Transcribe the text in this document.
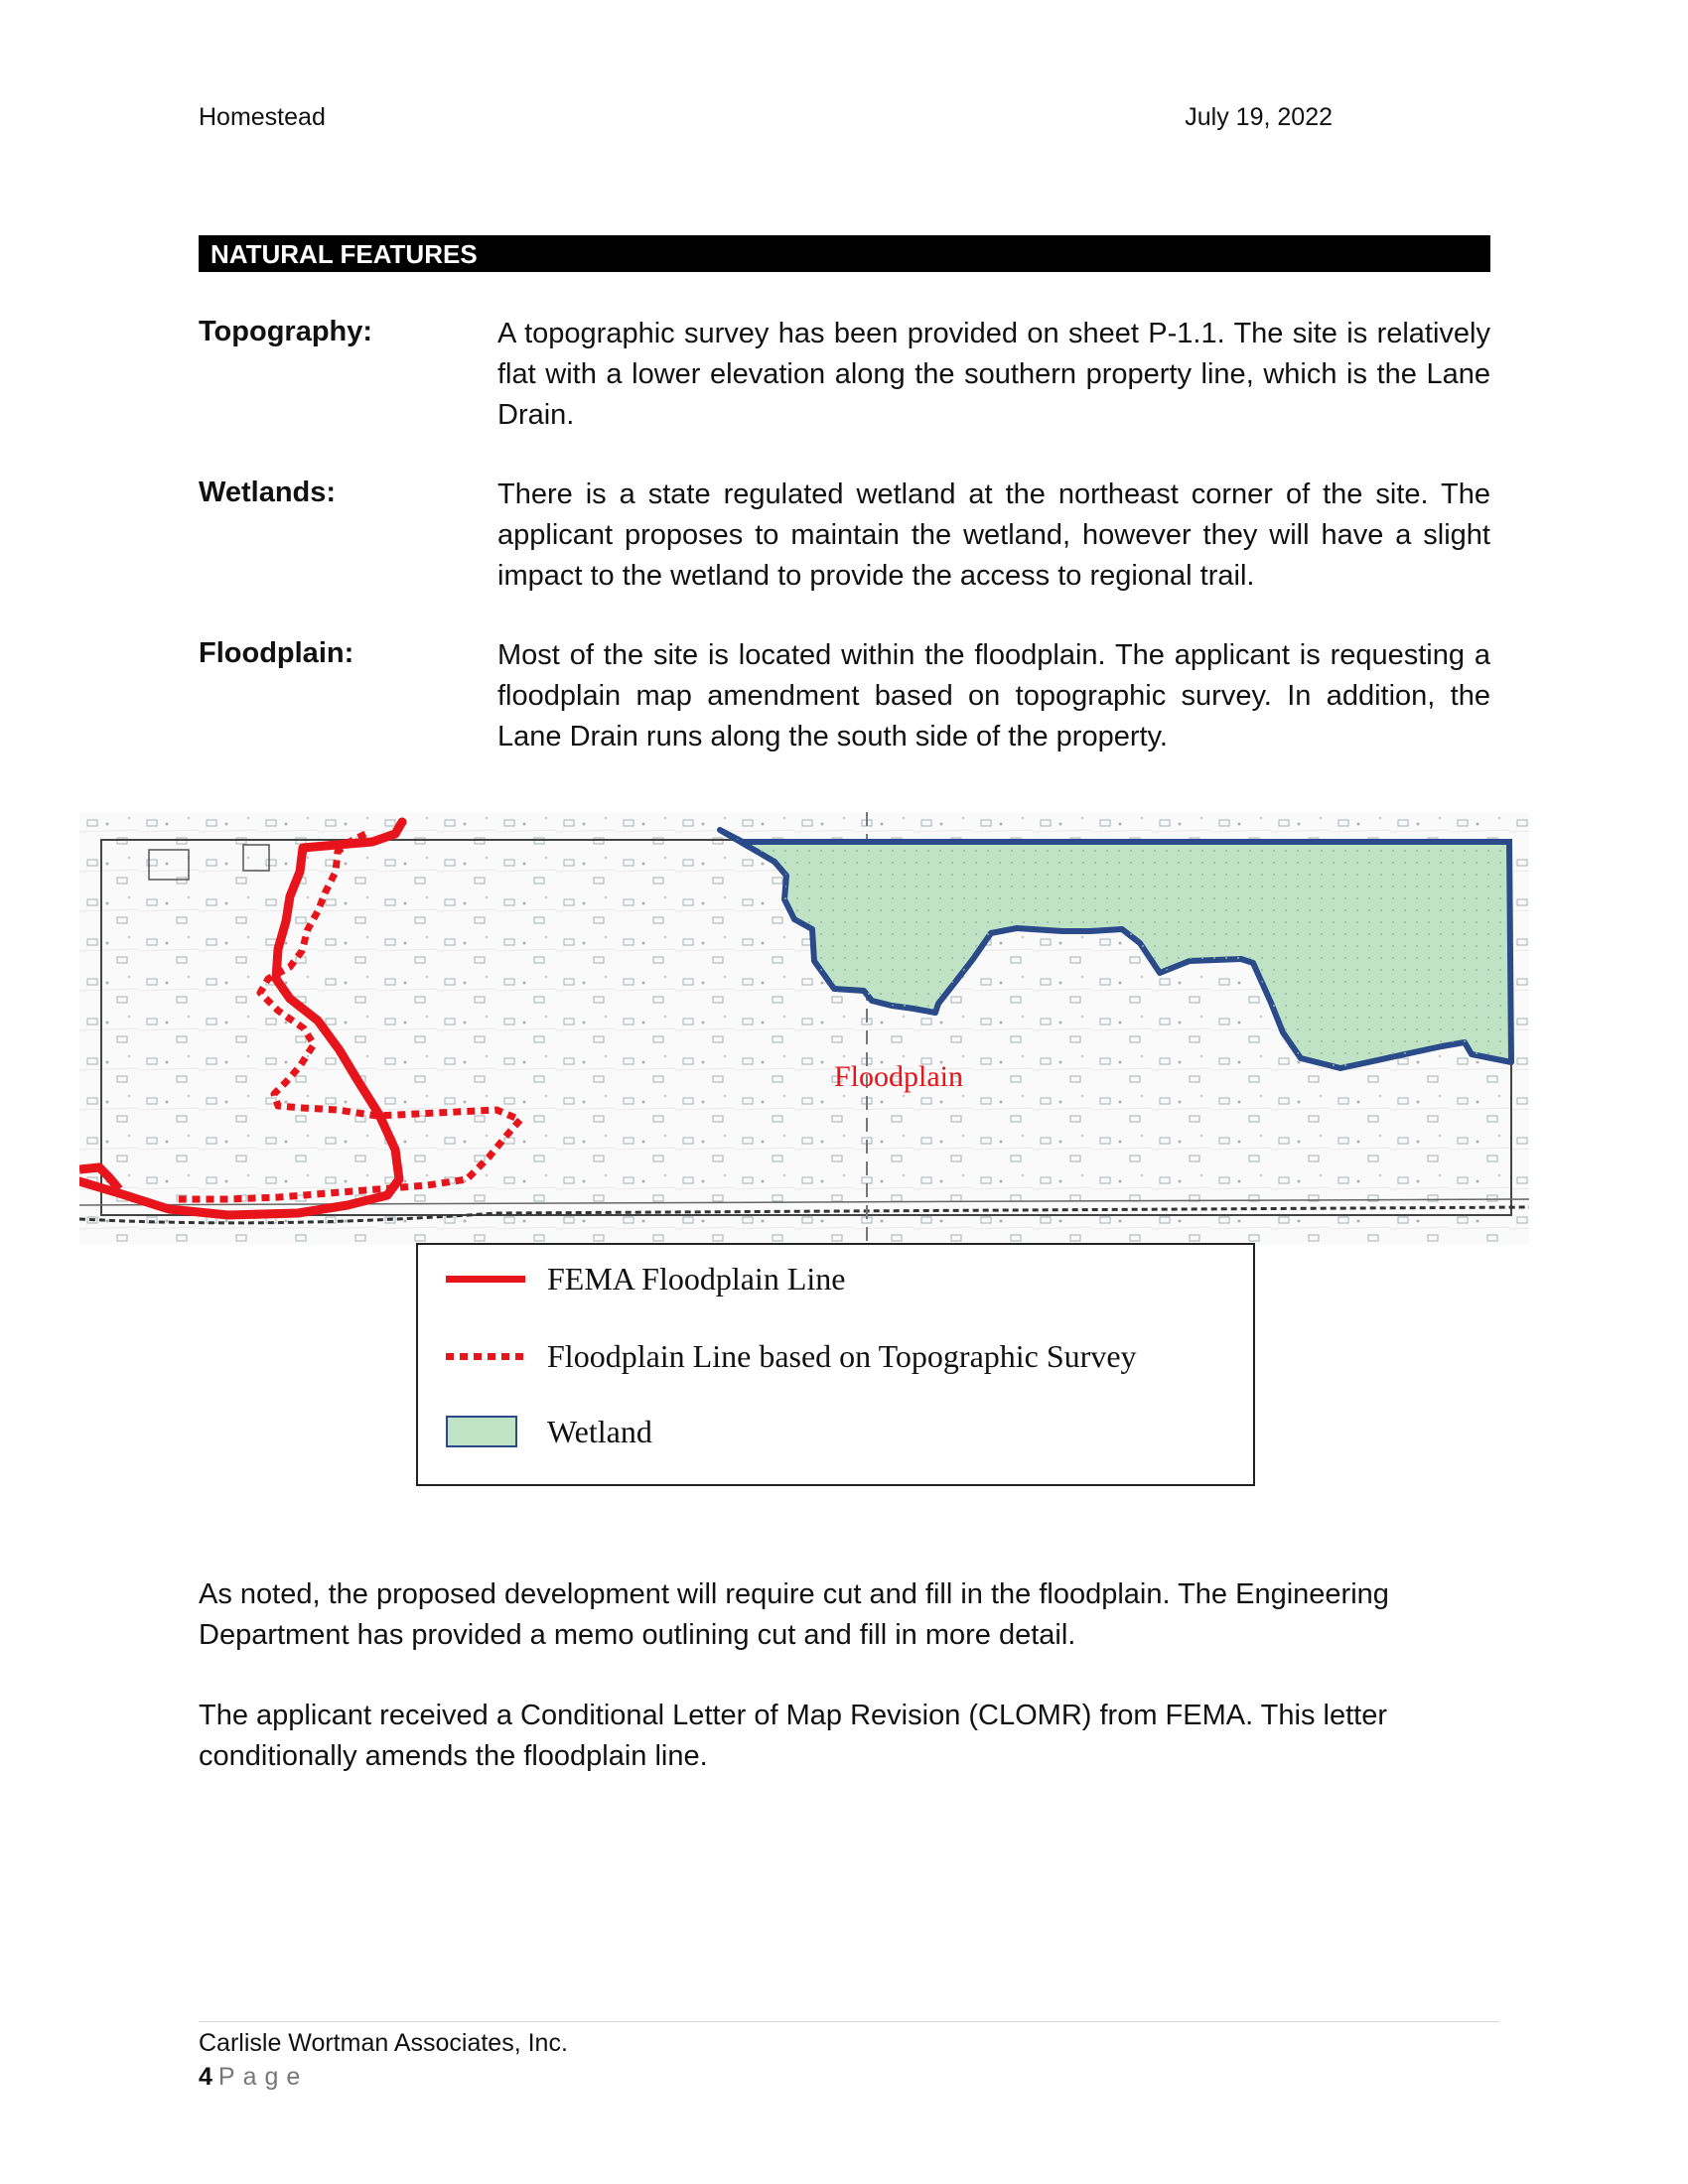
Homestead	July 19, 2022
NATURAL FEATURES
Topography:	A topographic survey has been provided on sheet P-1.1. The site is relatively flat with a lower elevation along the southern property line, which is the Lane Drain.
Wetlands:	There is a state regulated wetland at the northeast corner of the site. The applicant proposes to maintain the wetland, however they will have a slight impact to the wetland to provide the access to regional trail.
Floodplain:	Most of the site is located within the floodplain. The applicant is requesting a floodplain map amendment based on topographic survey. In addition, the Lane Drain runs along the south side of the property.
Floodplain
FEMA Floodplain Line
Floodplain Line based on Topographic Survey
Wetland
As noted, the proposed development will require cut and fill in the floodplain. The Engineering Department has provided a memo outlining cut and fill in more detail.
The applicant received a Conditional Letter of Map Revision (CLOMR) from FEMA. This letter conditionally amends the floodplain line.
Carlisle Wortman Associates, Inc.
4 Page
